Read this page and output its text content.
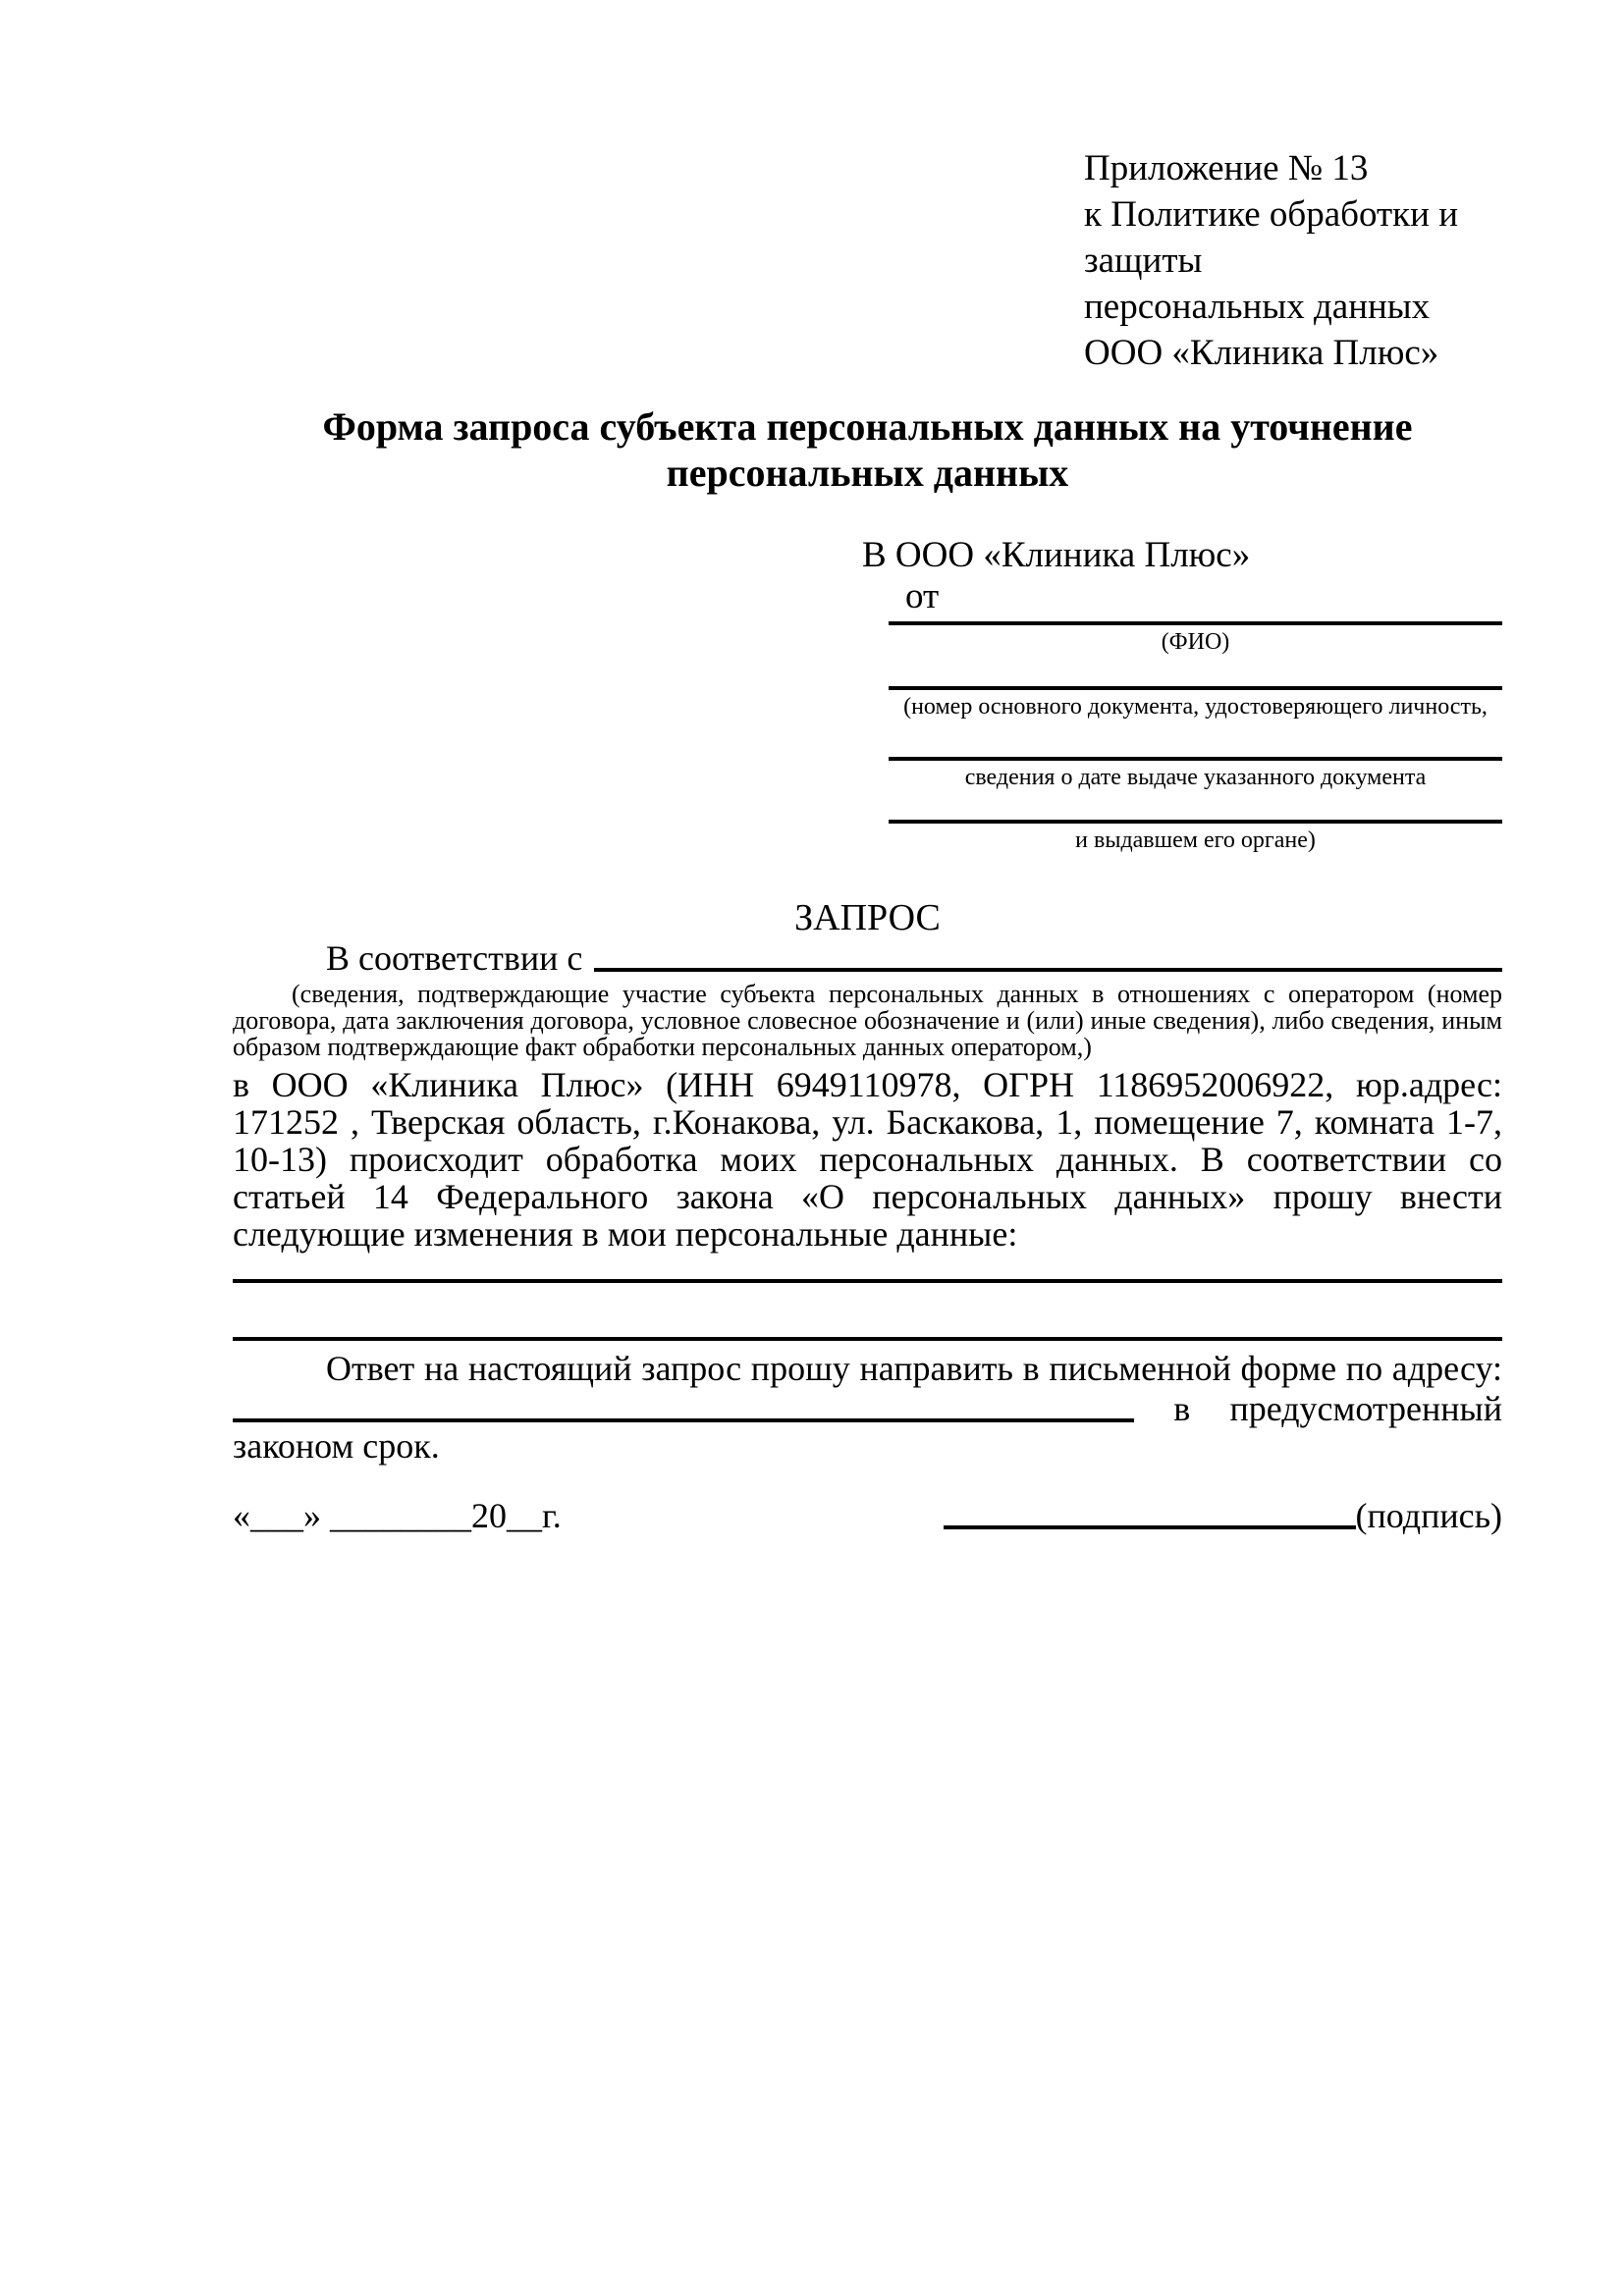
Приложение № 13
к Политике обработки и защиты
персональных данных
ООО «Клиника Плюс»
Форма запроса субъекта персональных данных на уточнение персональных данных
В ООО «Клиника Плюс»
от
(ФИО)
(номер основного документа, удостоверяющего личность,
сведения о дате выдаче указанного документа
и выдавшем его органе)
ЗАПРОС
В соответствии с
(сведения, подтверждающие участие субъекта персональных данных в отношениях с оператором (номер договора, дата заключения договора, условное словесное обозначение и (или) иные сведения), либо сведения, иным образом подтверждающие факт обработки персональных данных оператором,)
в ООО «Клиника Плюс» (ИНН 6949110978, ОГРН 1186952006922, юр.адрес: 171252 , Тверская область, г.Конакова, ул. Баскакова, 1, помещение 7, комната 1-7, 10-13) происходит обработка моих персональных данных. В соответствии со статьей 14 Федерального закона «О персональных данных» прошу внести следующие изменения в мои персональные данные:
Ответ на настоящий запрос прошу направить в письменной форме по адресу:
в предусмотренный
законом срок.
«___» ________20__г.	(подпись)
